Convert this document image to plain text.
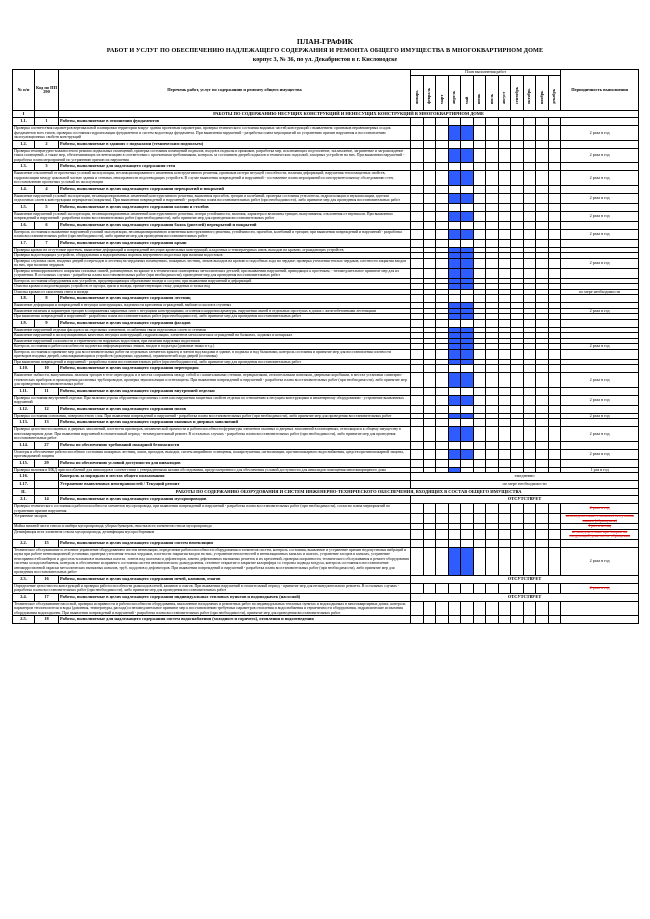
ПЛАН-ГРАФИК
РАБОТ И УСЛУГ ПО ОБЕСПЕЧЕНИЮ НАДЛЕЖАЩЕГО СОДЕРЖАНИЯ И РЕМОНТА ОБЩЕГО ИМУЩЕСТВА В МНОГОКВАРТИРНОМ ДОМЕ
корпус 3, № 36, по ул. Декабристов в г. Кисловодске
№ п/п	Код по ПП 290	Перечень работ, услуг по содержанию и ремонту общего имущества	План выполнения работ												Периодичность выполнения

			январь	февраль	март	апрель	май	июнь	июль	август	сентябрь	октябрь	ноябрь	декабрь	

I		РАБОТЫ ПО СОДЕРЖАНИЮ НЕСУЩИХ КОНСТРУКЦИЙ И НЕНЕСУЩИХ КОНСТРУКЦИЙ В МНОГОКВАРТИРНОМ ДОМЕ													
1.1.	1	Работы, выполняемые в отношении фундаментов													
Проверка соответствия параметров вертикальной планировки территории вокруг здания проектным параметрам, проверка технического состояния видимых частей конструкций с выявлением: признаков неравномерных осадок фундаментов всех типов, проверка состояния гидроизоляции фундаментов и систем водоотвода фундамента. При выявлении нарушений - разработка плана мероприятий по устранению причин нарушения и восстановлению эксплуатационных свойств конструкций															2 раза в год
1.2.	2	Работы, выполняемые в зданиях с подвалами (техническим подпольем)													
Проверка температурно-влажностного режима подвальных помещений, проверка состояния помещений подвалов, входов в подвалы и приямков, разработка мер, исключающих подтопление, захламление, загрязнение и загромождение таких помещений, а также мер, обеспечивающих их вентиляцию в соответствии с проектными требованиями, контроль за состоянием дверей подвалов и технических подполий, запорных устройств на них. При выявлении нарушений - разработка плана мероприятий по устранению причин их нарушения															2 раза в год
1.3.	3	Работы, выполняемые для надлежащего содержания стен													
Выявление отклонений от проектных условий эксплуатации, несанкционированного изменения конструктивного решения, признаков потери несущей способности, наличия деформаций, нарушения теплозащитных свойств, гидроизоляции между цокольной частью здания и стенами, неисправности водоотводящих устройств. В случае выявления повреждений и нарушений - составление плана мероприятий по инструментальному обследованию стен, восстановлению проектных условий их эксплуатации															2 раза в год
1.4.	4	Работы, выполняемые в целях надлежащего содержания перекрытий и покрытий													
Выявление нарушений условий эксплуатации, несанкционированных изменений конструктивного решения, выявления прогибов, трещин и колебаний, проверка состояния утеплителя, гидроизоляции и звукоизоляции, адгезии отделочных слоев к конструкциям перекрытия (покрытия). При выявлении повреждений и нарушений - разработка плана восстановительных работ (при необходимости), либо принятие мер для проведения восстановительных работ															2 раза в год
1.5.	5	Работы, выполняемые в целях надлежащего содержания колонн и столбов													
Выявление нарушений условий эксплуатации, несанкционированных изменений конструктивного решения, потери устойчивости, наличия, характера и величины трещин, выпучивания, отклонения от вертикали. При выявлении повреждений и нарушений - разработка плана восстановительных работ (при необходимости), либо принятие мер для проведения восстановительных работ															2 раза в год
1.6.	6	Работы, выполняемые в целях надлежащего содержания балок (ригелей) перекрытий и покрытий													
Контроль состояния и выявление нарушений условий эксплуатации, несанкционированного изменения конструктивного решения, устойчивости, прогибов, колебаний и трещин; при выявлении повреждений и нарушений - разработка плана восстановительных работ (при необходимости), либо принятие мер для проведения восстановительных работ															2 раза в год
1.7.	7	Работы, выполняемые в целях надлежащего содержания крыш													
Проверка кровли на отсутствие протечек, выявление деформаций и повреждений несущих кровельных конструкций, кладочных и температурных швов, выходов на кровлю, ограждающих устройств															
Проверка водоотводящих устройств, оборудования и водоприемных воронок внутреннего водостока при наличии водостоков															
Проверка слуховых окон, входных дверей и переходов и лестниц на чердачных помещениях, пожарных лестниц, люков выходов на кровлю и подсобных хода на чердаке; проверка утепления теплых чердаков, плотности закрытия входов на них, при наличии чердаков															2 раза в год
Проверка антикоррозионного покрытия стальных связей, размещенных на крыше и в технических помещениях металлических деталей; при выявлении нарушений, приводящих к протечкам, - незамедлительное принятие мер для их устранения. В остальных случаях - разработка плана восстановительных работ (при необходимости), проведение мер для проведения восстановительных работ															
Контроль состояния оборудования или устройств, предотвращающих образование наледи и сосулек; при выявлении нарушений и деформаций															
Очистка кровли и водоотводящих устройств от мусора, грязи и наледи, препятствующих стоку дождевых и талых вод															
Очистка кровли от скопления снега и наледи															по мере необходимости
1.8.	8	Работы, выполняемые в целях надлежащего содержания лестниц													
Выявление деформации и повреждений в несущих конструкциях, надежности крепления ограждений, выбоин и сколов в ступенях															
Выявление наличия и параметров трещин в сопряжениях маршевых плит с несущими конструкциями, оголения и коррозии арматуры, нарушения связей в отдельных проступях в домах с железобетонными лестницами															2 раза в год
При выявлении повреждений и нарушений - разработка плана восстановительных работ (при необходимости), либо принятие мер для проведения восстановительных работ															
1.9.	9	Работы, выполняемые в целях надлежащего содержания фасадов													
Выявление нарушений отделки фасадов и их отдельных элементов, ослабления связи отделочных слоев со стенами															
Выявление нарушений в эксплуатационных качествах несущих конструкций, гидроизоляции, элементов металлических ограждений на балконах, лоджиях и козырьках															
Выявление нарушений сплошности и герметичности наружных водостоков, при наличии наружных водостоков															
Контроль состояния и работоспособности подсветки информационных знаков, входов в подъезды (домовые знаки и т.д.)															2 раза в год
Контроль состояния и принятие мер для восстановительных работ на отдельных элементах крылец и зонтов над входами в здание, в подвалы и над балконами, контроль состояния и принятие мер для восстановления плотности притворов входных дверей, самозакрывающихся устройств (доводчики, пружины), ограничителей хода дверей (остановы)															
При выявлении повреждений и нарушений - разработка плана восстановительных работ (при необходимости), либо принятие мер для проведения восстановительных работ															
1.10.	10	Работы, выполняемые в целях надлежащего содержания перегородок													
Выявление зыбкости, выпучивания, наличия трещин в теле перегородок и в местах сопряжения между собой и с капитальными стенами, перекрытиями, отопительными панелями, дверными коробками, в местах установки санитарно-технических приборов и прохождения различных трубопроводов, проверка звукоизоляции и огнезащиты. При выявлении повреждений и нарушений - разработка плана восстановительных работ (при необходимости), либо принятие мер для проведения восстановительных работ															2 раза в год
1.11.	11	Работы, выполняемые в целях надлежащего содержания внутренней отделки													
Проверка состояния внутренней отделки. При наличии угрозы обрушения отделочных слоев или нарушения защитных свойств отделки по отношению к несущим конструкциям и инженерному оборудованию - устранение выявленных нарушений															2 раза в год
1.12.	12	Работы, выполняемые в целях надлежащего содержания полов													
Проверка состояния основания, поверхностного слоя. При выявлении повреждений и нарушений - разработка плана восстановительных работ (при необходимости), либо принятие мер для проведения восстановительных работ															2 раза в год
1.13.	13	Работы, выполняемые в целях надлежащего содержания оконных и дверных заполнений													
Проверка целостности оконных и дверных заполнений, плотности притворов, механической прочности и работоспособности фурнитуры элементов оконных и дверных заполнений в помещениях, относящихся к общему имуществу в многоквартирном доме. При выявлении нарушений в отопительный период - незамедлительный ремонт. В остальных случаях - разработка плана восстановительных работ (при необходимости), либо принятие мер для проведения восстановительных работ															2 раза в год
1.14.	27	Работы по обеспечению требований пожарной безопасности													
Осмотры и обеспечение работоспособного состояния пожарных лестниц, лазов, проходов, выходов, систем аварийного освещения, пожаротушения, сигнализации, противопожарного водоснабжения, средств противопожарной защиты, противодымной защиты															2 раза в год
1.15.	29	Работы по обеспечению условий доступности для инвалидов													
Проверка наличия в МКД приспособлений для инвалидов в соответствии с утвержденными актами обследования, предусмотренного для обеспечения условий доступности для инвалидов помещения многоквартирного дома															1 раз в год
1.16.		Контроль за порядком в местах общего пользования	ежедневно												
1.17.		Устранение выявленных неисправностей / Текущий ремонт	по мере необходимости												
II.		РАБОТЫ ПО СОДЕРЖАНИЮ ОБОРУДОВАНИЯ И СИСТЕМ ИНЖЕНЕРНО-ТЕХНИЧЕСКОГО ОБЕСПЕЧЕНИЯ, ВХОДЯЩИХ В СОСТАВ ОБЩЕГО ИМУЩЕСТВА													
2.1.	14	Работы, выполняемые в целях надлежащего содержания мусоропроводов	ОТСУТСТВУЕТ												
Проверка технического состояния и работоспособности элементов мусоропровода, при выявлении повреждений и нарушений - разработка плана восстановительных работ (при необходимости), согласно плана мероприятий по устранению причин нарушения															2 раза в год
Устранение засоров															незамедлительно с момента получения заявки (обращения)
Мойка нижней части ствола и шибера мусоропровода, уборка бункеров, очистка всех элементов ствола мусоропровода															1 раз в месяц
Дезинфекция всех элементов ствола мусоропровода, дезинфекция мусоросборников															незамедлительно при аварии на следующий день после обращения
2.2.	15	Работы, выполняемые в целях надлежащего содержания систем вентиляции													
Техническое обслуживание и сезонное управление оборудованием систем вентиляции, определение работоспособности оборудования и элементов систем, контроль состояния, выявление и устранение причин недопустимых вибраций и шума при работе вентиляционной установки, проверка утепления теплых чердаков, плотности закрытия входов на них, устранение неплотностей в вентиляционных каналах и шахтах, устранение засоров в каналах, устранение неисправностей шиберов и дроссель-клапанов в вытяжных шахтах, зонтов над шахтами и дефлекторов, замена дефективных вытяжных решеток и их креплений, проверка исправности, технического обслуживания и ремонт оборудования системы холодоснабжения, контроль и обеспечение исправного состояния систем автоматического дымоудаления, сезонное открытие и закрытие калорифера со стороны подвода воздуха, контроль состояния и восстановление антикоррозионной окраски металлических вытяжных каналов, труб, поддонов и дефлекторов. При выявлении повреждений и нарушений - разработка плана восстановительных работ (при необходимости), либо принятие мер для проведения восстановительных работ															2 раза в год
2.3.	16	Работы, выполняемые в целях надлежащего содержания печей, каминов, очагов	ОТСУТСТВУЕТ												
Определение целостности конструкций и проверка работоспособности дымоходов печей, каминов и очагов. При выявлении нарушений в отопительный период - принятие мер для незамедлительного ремонта. В остальных случаях - разработка плана восстановительных работ (при необходимости), либо принятие мер для проведения восстановительных работ															2 раза в год
2.4.	17	Работы, выполняемые в целях надлежащего содержания индивидуальных тепловых пунктов и водоподкачек (насосной)	ОТСУТСТВУЕТ												
Техническое обслуживание насосной, проверка исправности и работоспособности оборудования, выполнение наладочных и ремонтных работ на индивидуальных тепловых пунктах и водоподкачках в многоквартирных домах, контроль параметров теплоносителя и воды (давления, температуры, расхода) и незамедлительное принятие мер к восстановлению требуемых параметров отопления и водоснабжения и герметичности оборудования, гидравлические испытания оборудования водоподкачек. При выявлении повреждений и нарушений - разработка плана восстановительных работ (при необходимости), принятие мер для проведения восстановительных работ															
2.5.	18	Работы, выполняемые для надлежащего содержания систем водоснабжения (холодного и горячего), отопления и водоотведения													
